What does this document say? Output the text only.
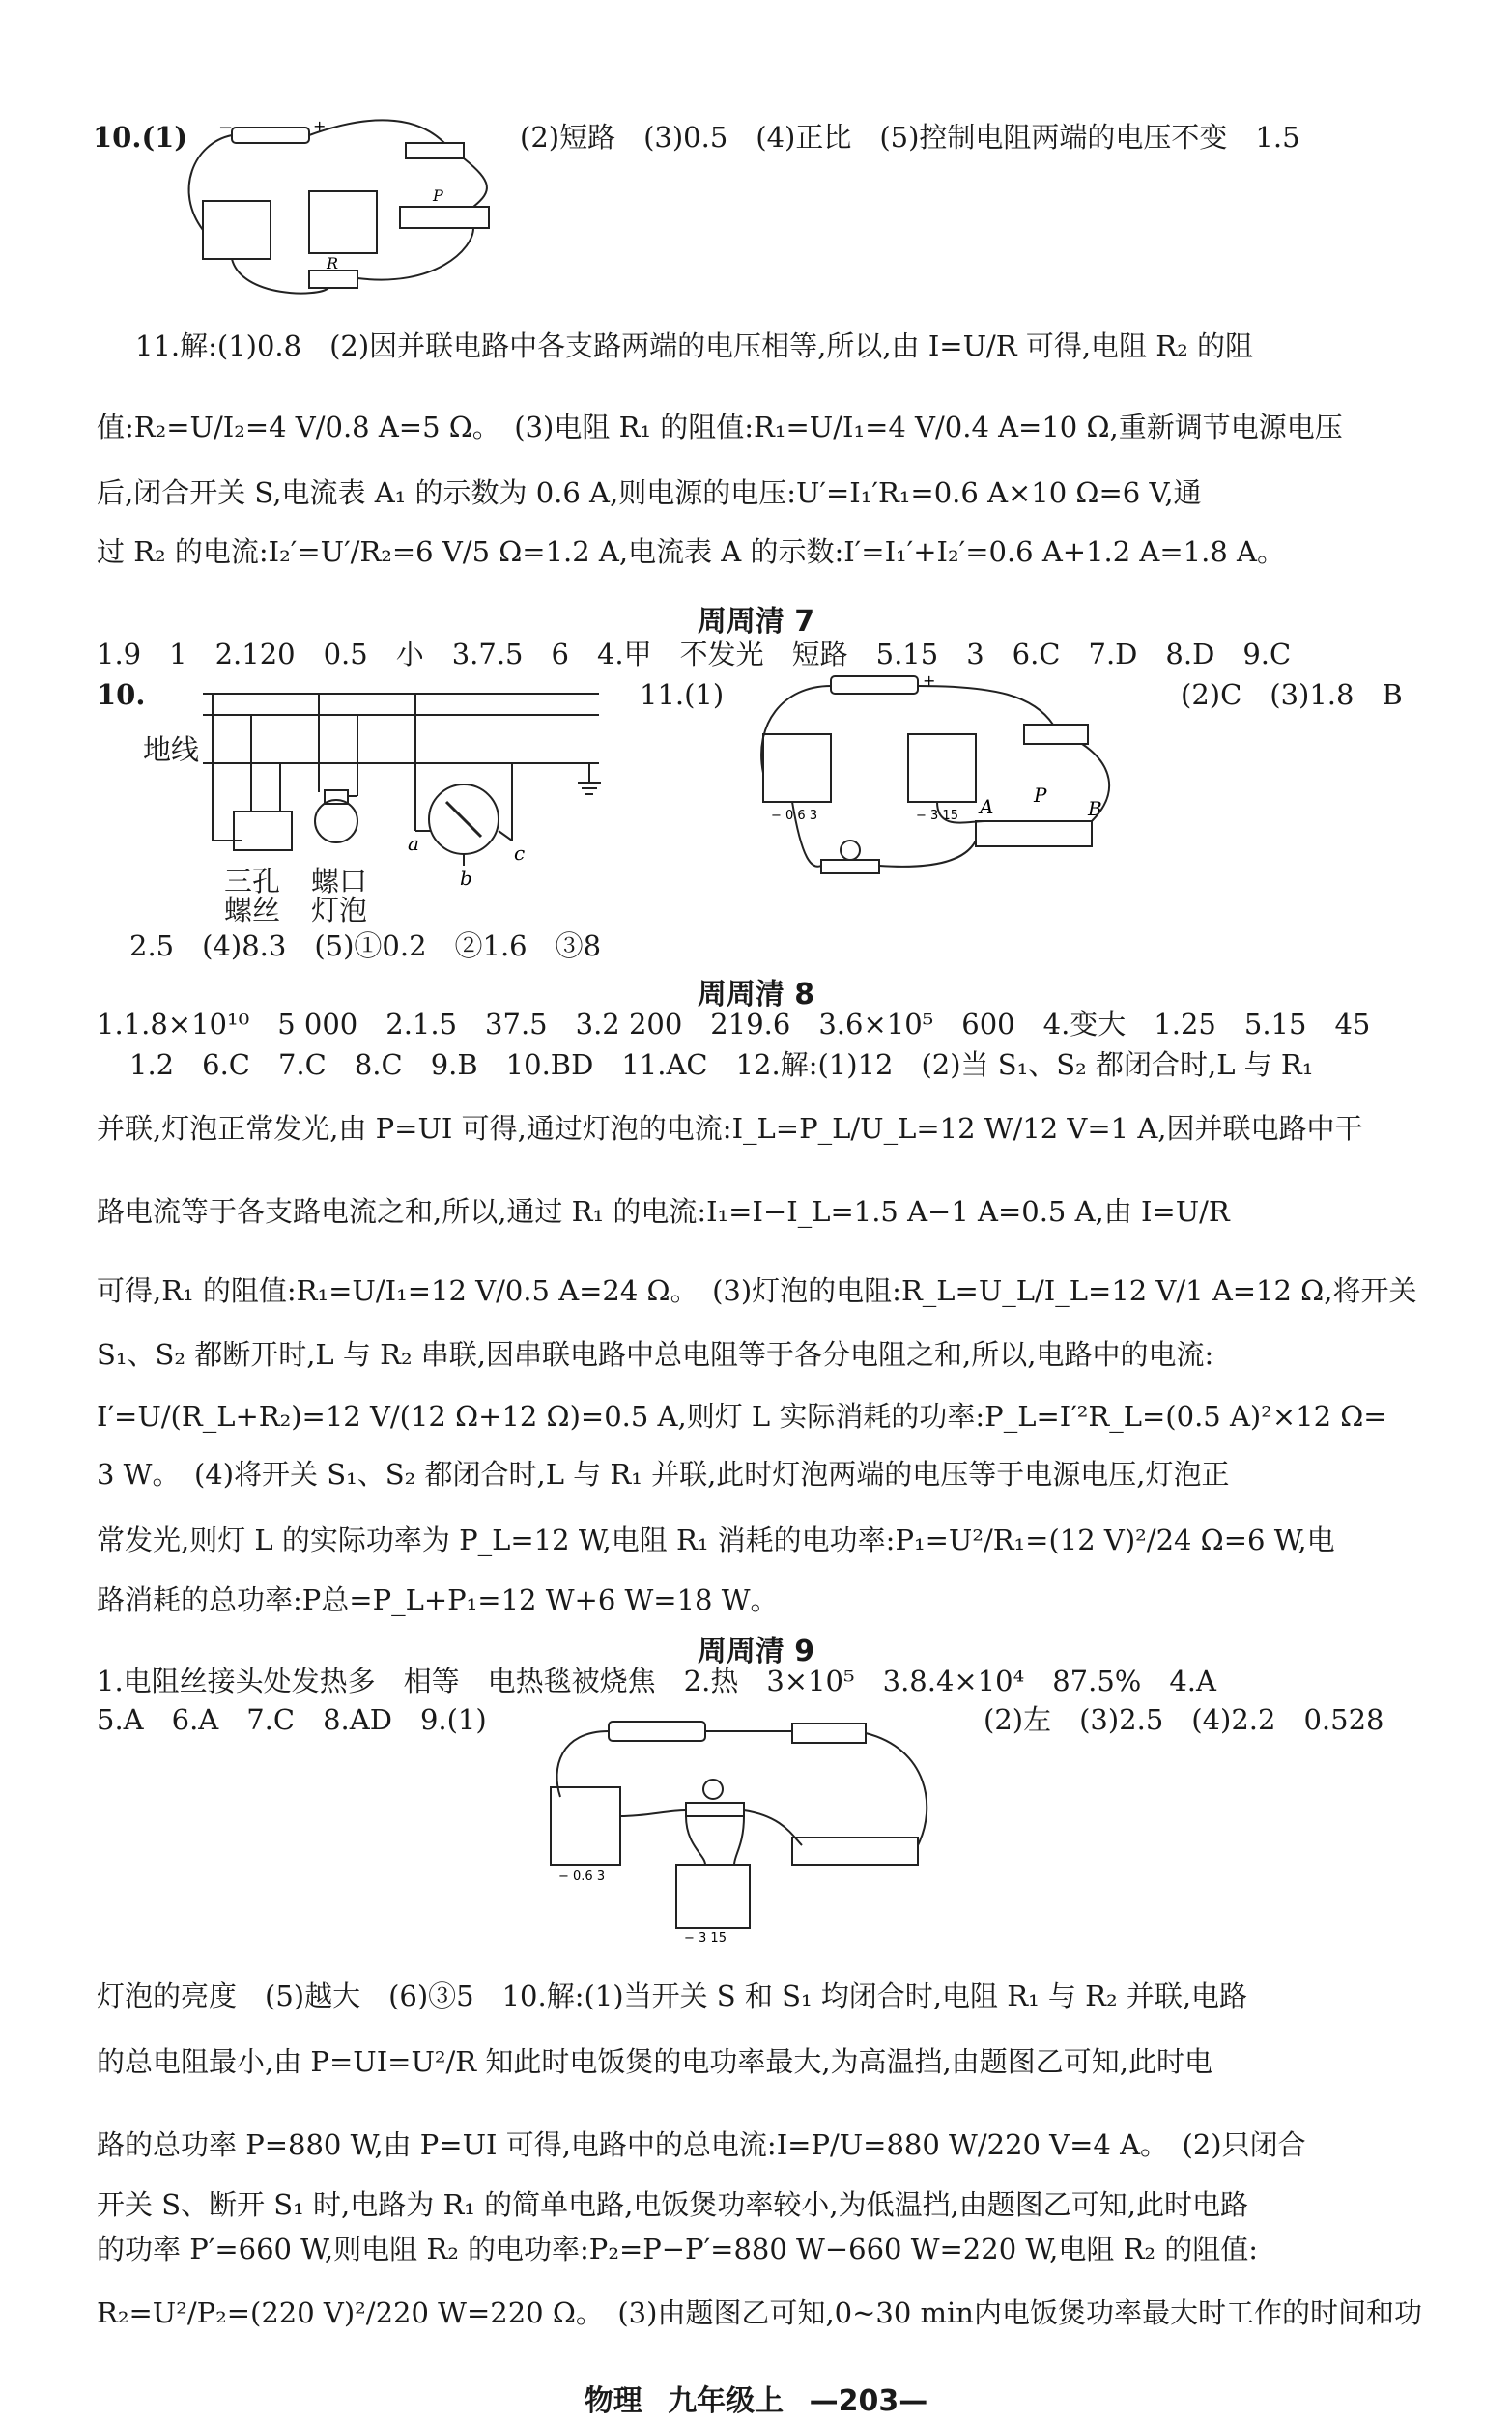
10.(1) −	+
P
R
(2)短路　(3)0.5　(4)正比　(5)控制电阻两端的电压不变　1.5
11.解:(1)0.8　(2)因并联电路中各支路两端的电压相等,所以,由 I=U/R 可得,电阻 R₂ 的阻
值:R₂=U/I₂=4 V/0.8 A=5 Ω。　(3)电阻 R₁ 的阻值:R₁=U/I₁=4 V/0.4 A=10 Ω,重新调节电源电压
后,闭合开关 S,电流表 A₁ 的示数为 0.6 A,则电源的电压:U′=I₁′R₁=0.6 A×10 Ω=6 V,通
过 R₂ 的电流:I₂′=U′/R₂=6 V/5 Ω=1.2 A,电流表 A 的示数:I′=I₁′+I₂′=0.6 A+1.2 A=1.8 A。
周周清 7
1.9　1　2.120　0.5　小　3.7.5　6　4.甲　不发光　短路　5.15　3　6.C　7.D　8.D　9.C
10.	11.(1)	(2)C　(3)1.8　B
地线
三孔
螺丝
螺口
灯泡
a
b
c
+
− 0.6 3	− 3 15 A P
B
2.5　(4)8.3　(5)①0.2　②1.6　③8
周周清 8
1.1.8×10¹⁰　5 000　2.1.5　37.5　3.2 200　219.6　3.6×10⁵　600　4.变大　1.25　5.15　45
1.2　6.C　7.C　8.C　9.B　10.BD　11.AC　12.解:(1)12　(2)当 S₁、S₂ 都闭合时,L 与 R₁
并联,灯泡正常发光,由 P=UI 可得,通过灯泡的电流:I_L=P_L/U_L=12 W/12 V=1 A,因并联电路中干
路电流等于各支路电流之和,所以,通过 R₁ 的电流:I₁=I−I_L=1.5 A−1 A=0.5 A,由 I=U/R
可得,R₁ 的阻值:R₁=U/I₁=12 V/0.5 A=24 Ω。　(3)灯泡的电阻:R_L=U_L/I_L=12 V/1 A=12 Ω,将开关
S₁、S₂ 都断开时,L 与 R₂ 串联,因串联电路中总电阻等于各分电阻之和,所以,电路中的电流:
I′=U/(R_L+R₂)=12 V/(12 Ω+12 Ω)=0.5 A,则灯 L 实际消耗的功率:P_L=I′²R_L=(0.5 A)²×12 Ω=
3 W。　(4)将开关 S₁、S₂ 都闭合时,L 与 R₁ 并联,此时灯泡两端的电压等于电源电压,灯泡正
常发光,则灯 L 的实际功率为 P_L=12 W,电阻 R₁ 消耗的电功率:P₁=U²/R₁=(12 V)²/24 Ω=6 W,电
路消耗的总功率:P总=P_L+P₁=12 W+6 W=18 W。
周周清 9
1.电阻丝接头处发热多　相等　电热毯被烧焦　2.热　3×10⁵　3.8.4×10⁴　87.5%　4.A
5.A　6.A　7.C　8.AD　9.(1)	(2)左　(3)2.5　(4)2.2　0.528
− 0.6 3
− 3 15
灯泡的亮度　(5)越大　(6)③5　10.解:(1)当开关 S 和 S₁ 均闭合时,电阻 R₁ 与 R₂ 并联,电路
的总电阻最小,由 P=UI=U²/R 知此时电饭煲的电功率最大,为高温挡,由题图乙可知,此时电
路的总功率 P=880 W,由 P=UI 可得,电路中的总电流:I=P/U=880 W/220 V=4 A。　(2)只闭合
开关 S、断开 S₁ 时,电路为 R₁ 的简单电路,电饭煲功率较小,为低温挡,由题图乙可知,此时电路
的功率 P′=660 W,则电阻 R₂ 的电功率:P₂=P−P′=880 W−660 W=220 W,电阻 R₂ 的阻值:
R₂=U²/P₂=(220 V)²/220 W=220 Ω。　(3)由题图乙可知,0~30 min内电饭煲功率最大时工作的时间和功
物理 九年级上 —203—
